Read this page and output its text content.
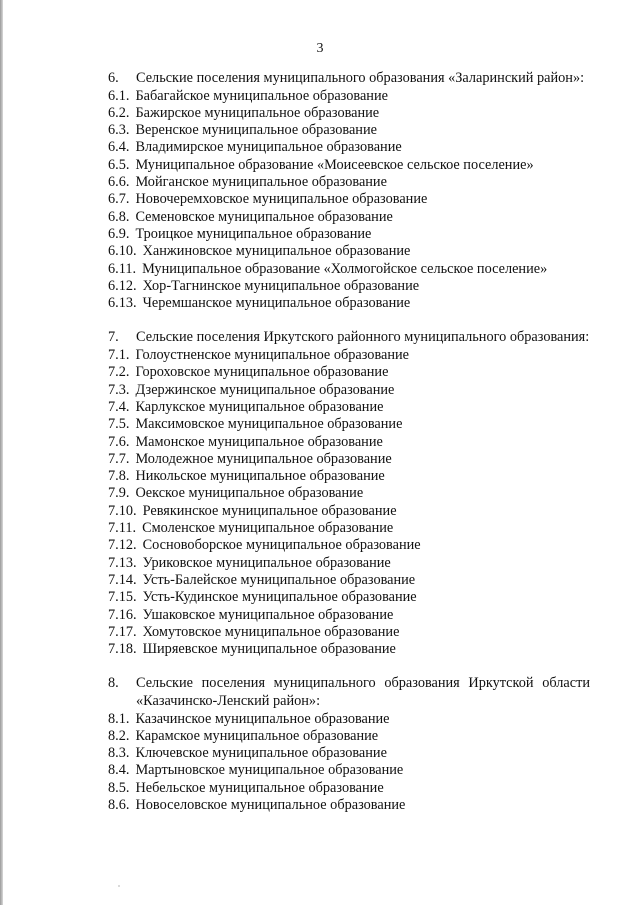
3
6.	Сельские поселения муниципального образования «Заларинский район»:
6.1. Бабагайское муниципальное образование
6.2. Бажирское муниципальное образование
6.3. Веренское муниципальное образование
6.4. Владимирское муниципальное образование
6.5. Муниципальное образование «Моисеевское сельское поселение»
6.6. Мойганское муниципальное образование
6.7. Новочеремховское муниципальное образование
6.8. Семеновское муниципальное образование
6.9. Троицкое муниципальное образование
6.10. Ханжиновское муниципальное образование
6.11. Муниципальное образование «Холмогойское сельское поселение»
6.12. Хор-Тагнинское муниципальное образование
6.13. Черемшанское муниципальное образование
7.	Сельские поселения Иркутского районного муниципального образования:
7.1. Голоустненское муниципальное образование
7.2. Гороховское муниципальное образование
7.3. Дзержинское муниципальное образование
7.4. Карлукское муниципальное образование
7.5. Максимовское муниципальное образование
7.6. Мамонское муниципальное образование
7.7. Молодежное муниципальное образование
7.8. Никольское муниципальное образование
7.9. Оекское муниципальное образование
7.10. Ревякинское муниципальное образование
7.11. Смоленское муниципальное образование
7.12. Сосновоборское муниципальное образование
7.13. Уриковское муниципальное образование
7.14. Усть-Балейское муниципальное образование
7.15. Усть-Кудинское муниципальное образование
7.16. Ушаковское муниципальное образование
7.17. Хомутовское муниципальное образование
7.18. Ширяевское муниципальное образование
8.	Сельские поселения муниципального образования Иркутской области «Казачинско-Ленский район»:
8.1. Казачинское муниципальное образование
8.2. Карамское муниципальное образование
8.3. Ключевское муниципальное образование
8.4. Мартыновское муниципальное образование
8.5. Небельское муниципальное образование
8.6. Новоселовское муниципальное образование
